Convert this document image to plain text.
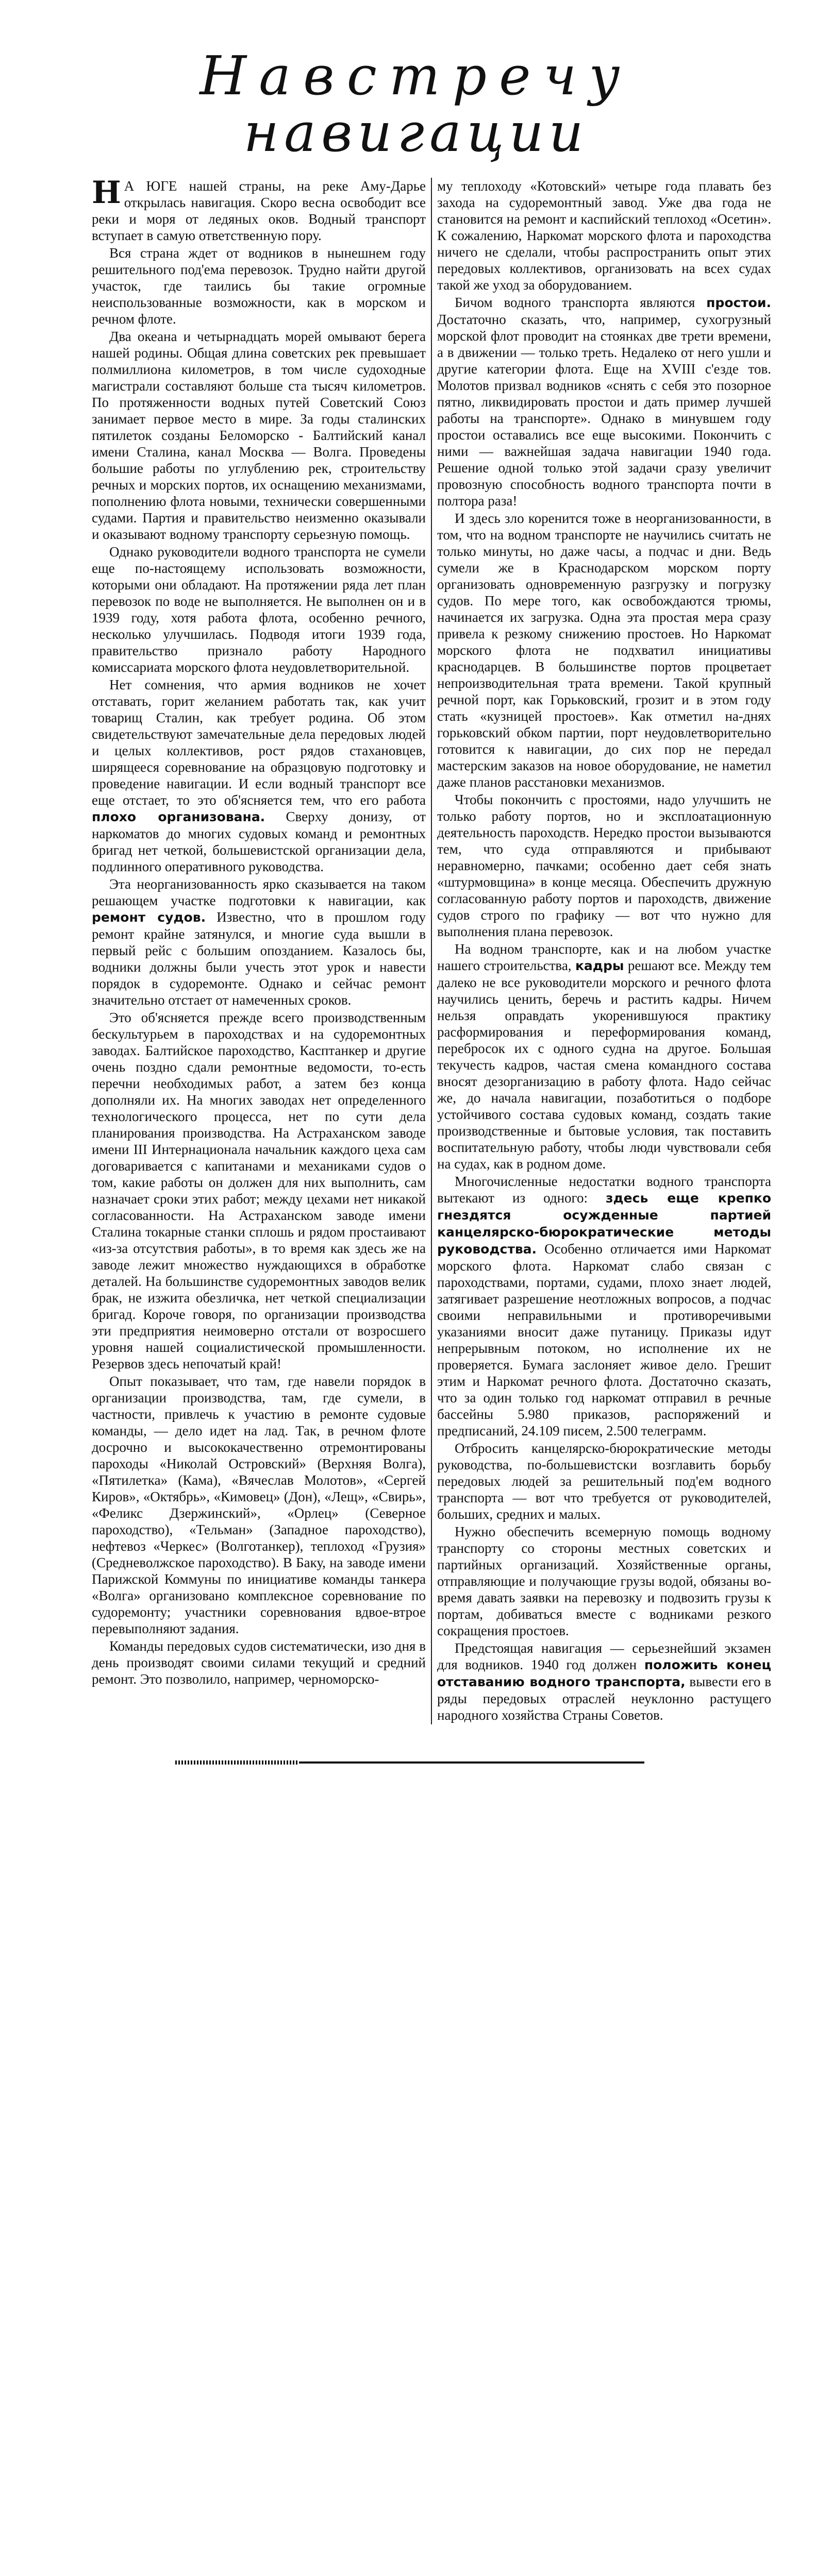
Навстречу
навигации

Н А ЮГЕ нашей страны, на реке Аму-Дарье открылась навигация. Скоро весна освободит все реки и моря от ледяных оков. Водный транспорт вступает в самую ответственную пору.

Вся страна ждет от водников в нынешнем году решительного под'ема перевозок. Трудно найти другой участок, где таились бы такие огромные неиспользованные возможности, как в морском и речном флоте.

Два океана и четырнадцать морей омывают берега нашей родины. Общая длина советских рек превышает полмиллиона километров, в том числе судоходные магистрали составляют больше ста тысяч километров. По протяженности водных путей Советский Союз занимает первое место в мире. За годы сталинских пятилеток созданы Беломорско - Балтийский канал имени Сталина, канал Москва — Волга. Проведены большие работы по углублению рек, строительству речных и морских портов, их оснащению механизмами, пополнению флота новыми, технически совершенными судами. Партия и правительство неизменно оказывали и оказывают водному транспорту серьезную помощь.

Однако руководители водного транспорта не сумели еще по-настоящему использовать возможности, которыми они обладают. На протяжении ряда лет план перевозок по воде не выполняется. Не выполнен он и в 1939 году, хотя работа флота, особенно речного, несколько улучшилась. Подводя итоги 1939 года, правительство признало работу Народного комиссариата морского флота неудовлетворительной.

Нет сомнения, что армия водников не хочет отставать, горит желанием работать так, как учит товарищ Сталин, как требует родина. Об этом свидетельствуют замечательные дела передовых людей и целых коллективов, рост рядов стахановцев, ширящееся соревнование на образцовую подготовку и проведение навигации. И если водный транспорт все еще отстает, то это об'ясняется тем, что его работа плохо организована. Сверху донизу, от наркоматов до многих судовых команд и ремонтных бригад нет четкой, большевистской организации дела, подлинного оперативного руководства.

Эта неорганизованность ярко сказывается на таком решающем участке подготовки к навигации, как ремонт судов. Известно, что в прошлом году ремонт крайне затянулся, и многие суда вышли в первый рейс с большим опозданием. Казалось бы, водники должны были учесть этот урок и навести порядок в судоремонте. Однако и сейчас ремонт значительно отстает от намеченных сроков.

Это об'ясняется прежде всего производственным бескультурьем в пароходствах и на судоремонтных заводах. Балтийское пароходство, Касптанкер и другие очень поздно сдали ремонтные ведомости, то-есть перечни необходимых работ, а затем без конца дополняли их. На многих заводах нет определенного технологического процесса, нет по сути дела планирования производства. На Астраханском заводе имени III Интернационала начальник каждого цеха сам договаривается с капитанами и механиками судов о том, какие работы он должен для них выполнить, сам назначает сроки этих работ; между цехами нет никакой согласованности. На Астраханском заводе имени Сталина токарные станки сплошь и рядом простаивают «из-за отсутствия работы», в то время как здесь же на заводе лежит множество нуждающихся в обработке деталей. На большинстве судоремонтных заводов велик брак, не изжита обезличка, нет четкой специализации бригад. Короче говоря, по организации производства эти предприятия неимоверно отстали от возросшего уровня нашей социалистической промышленности. Резервов здесь непочатый край!

Опыт показывает, что там, где навели порядок в организации производства, там, где сумели, в частности, привлечь к участию в ремонте судовые команды, — дело идет на лад. Так, в речном флоте досрочно и высококачественно отремонтированы пароходы «Николай Островский» (Верхняя Волга), «Пятилетка» (Кама), «Вячеслав Молотов», «Сергей Киров», «Октябрь», «Кимовец» (Дон), «Лещ», «Свирь», «Феликс Дзержинский», «Орлец» (Северное пароходство), «Тельман» (Западное пароходство), нефтевоз «Черкес» (Волготанкер), теплоход «Грузия» (Средневолжское пароходство). В Баку, на заводе имени Парижской Коммуны по инициативе команды танкера «Волга» организовано комплексное соревнование по судоремонту; участники соревнования вдвое-втрое перевыполняют задания.

Команды передовых судов систематически, изо дня в день производят своими силами текущий и средний ремонт. Это позволило, например, черноморско-

му теплоходу «Котовский» четыре года плавать без захода на судоремонтный завод. Уже два года не становится на ремонт и каспийский теплоход «Осетин». К сожалению, Наркомат морского флота и пароходства ничего не сделали, чтобы распространить опыт этих передовых коллективов, организовать на всех судах такой же уход за оборудованием.

Бичом водного транспорта являются простои. Достаточно сказать, что, например, сухогрузный морской флот проводит на стоянках две трети времени, а в движении — только треть. Недалеко от него ушли и другие категории флота. Еще на XVIII с'езде тов. Молотов призвал водников «снять с себя это позорное пятно, ликвидировать простои и дать пример лучшей работы на транспорте». Однако в минувшем году простои оставались все еще высокими. Покончить с ними — важнейшая задача навигации 1940 года. Решение одной только этой задачи сразу увеличит провозную способность водного транспорта почти в полтора раза!

И здесь зло коренится тоже в неорганизованности, в том, что на водном транспорте не научились считать не только минуты, но даже часы, а подчас и дни. Ведь сумели же в Краснодарском морском порту организовать одновременную разгрузку и погрузку судов. По мере того, как освобождаются трюмы, начинается их загрузка. Одна эта простая мера сразу привела к резкому снижению простоев. Но Наркомат морского флота не подхватил инициативы краснодарцев. В большинстве портов процветает непроизводительная трата времени. Такой крупный речной порт, как Горьковский, грозит и в этом году стать «кузницей простоев». Как отметил на-днях горьковский обком партии, порт неудовлетворительно готовится к навигации, до сих пор не передал мастерским заказов на новое оборудование, не наметил даже планов расстановки механизмов.

Чтобы покончить с простоями, надо улучшить не только работу портов, но и эксплоатационную деятельность пароходств. Нередко простои вызываются тем, что суда отправляются и прибывают неравномерно, пачками; особенно дает себя знать «штурмовщина» в конце месяца. Обеспечить дружную согласованную работу портов и пароходств, движение судов строго по графику — вот что нужно для выполнения плана перевозок.

На водном транспорте, как и на любом участке нашего строительства, кадры решают все. Между тем далеко не все руководители морского и речного флота научились ценить, беречь и растить кадры. Ничем нельзя оправдать укоренившуюся практику расформирования и переформирования команд, перебросок их с одного судна на другое. Большая текучесть кадров, частая смена командного состава вносят дезорганизацию в работу флота. Надо сейчас же, до начала навигации, позаботиться о подборе устойчивого состава судовых команд, создать такие производственные и бытовые условия, так поставить воспитательную работу, чтобы люди чувствовали себя на судах, как в родном доме.

Многочисленные недостатки водного транспорта вытекают из одного: здесь еще крепко гнездятся осужденные партией канцелярско-бюрократические методы руководства. Особенно отличается ими Наркомат морского флота. Наркомат слабо связан с пароходствами, портами, судами, плохо знает людей, затягивает разрешение неотложных вопросов, а подчас своими неправильными и противоречивыми указаниями вносит даже путаницу. Приказы идут непрерывным потоком, но исполнение их не проверяется. Бумага заслоняет живое дело. Грешит этим и Наркомат речного флота. Достаточно сказать, что за один только год наркомат отправил в речные бассейны 5.980 приказов, распоряжений и предписаний, 24.109 писем, 2.500 телеграмм.

Отбросить канцелярско-бюрократические методы руководства, по-большевистски возглавить борьбу передовых людей за решительный под'ем водного транспорта — вот что требуется от руководителей, больших, средних и малых.

Нужно обеспечить всемерную помощь водному транспорту со стороны местных советских и партийных организаций. Хозяйственные органы, отправляющие и получающие грузы водой, обязаны во-время давать заявки на перевозку и подвозить грузы к портам, добиваться вместе с водниками резкого сокращения простоев.

Предстоящая навигация — серьезнейший экзамен для водников. 1940 год должен положить конец отставанию водного транспорта, вывести его в ряды передовых отраслей неуклонно растущего народного хозяйства Страны Советов.
